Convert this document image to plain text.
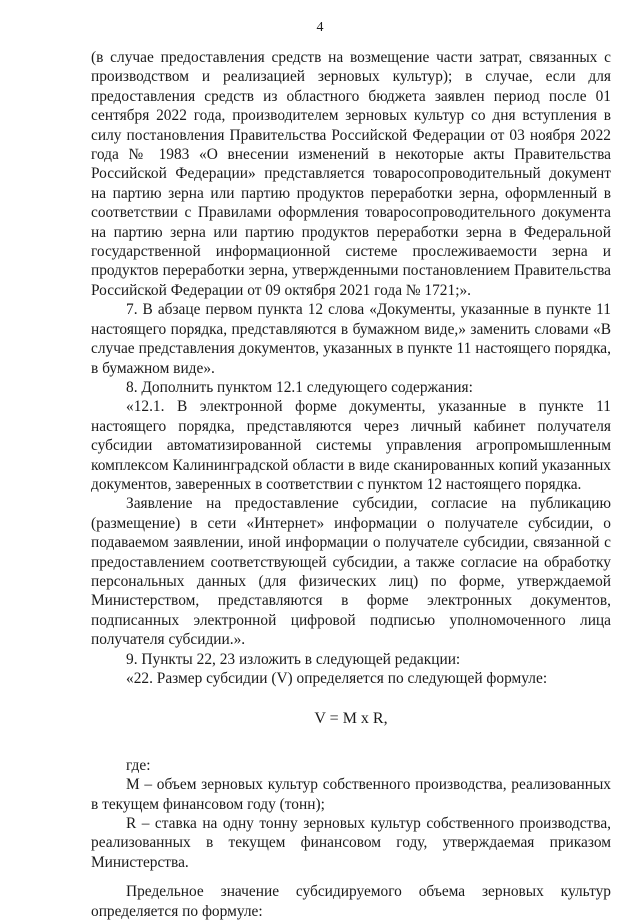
4

(в случае предоставления средств на возмещение части затрат, связанных с производством и реализацией зерновых культур); в случае, если для предоставления средств из областного бюджета заявлен период после 01 сентября 2022 года, производителем зерновых культур со дня вступления в силу постановления Правительства Российской Федерации от 03 ноября 2022 года № 1983 «О внесении изменений в некоторые акты Правительства Российской Федерации» представляется товаросопроводительный документ на партию зерна или партию продуктов переработки зерна, оформленный в соответствии с Правилами оформления товаросопроводительного документа на партию зерна или партию продуктов переработки зерна в Федеральной государственной информационной системе прослеживаемости зерна и продуктов переработки зерна, утвержденными постановлением Правительства Российской Федерации от 09 октября 2021 года № 1721;».

7. В абзаце первом пункта 12 слова «Документы, указанные в пункте 11 настоящего порядка, представляются в бумажном виде,» заменить словами «В случае представления документов, указанных в пункте 11 настоящего порядка, в бумажном виде».

8. Дополнить пунктом 12.1 следующего содержания:

«12.1. В электронной форме документы, указанные в пункте 11 настоящего порядка, представляются через личный кабинет получателя субсидии автоматизированной системы управления агропромышленным комплексом Калининградской области в виде сканированных копий указанных документов, заверенных в соответствии с пунктом 12 настоящего порядка.

Заявление на предоставление субсидии, согласие на публикацию (размещение) в сети «Интернет» информации о получателе субсидии, о подаваемом заявлении, иной информации о получателе субсидии, связанной с предоставлением соответствующей субсидии, а также согласие на обработку персональных данных (для физических лиц) по форме, утверждаемой Министерством, представляются в форме электронных документов, подписанных электронной цифровой подписью уполномоченного лица получателя субсидии.».

9. Пункты 22, 23 изложить в следующей редакции:

«22. Размер субсидии (V) определяется по следующей формуле:

V = M x R,

где:

M – объем зерновых культур собственного производства, реализованных в текущем финансовом году (тонн);

R – ставка на одну тонну зерновых культур собственного производства, реализованных в текущем финансовом году, утверждаемая приказом Министерства.

Предельное значение субсидируемого объема зерновых культур определяется по формуле:
